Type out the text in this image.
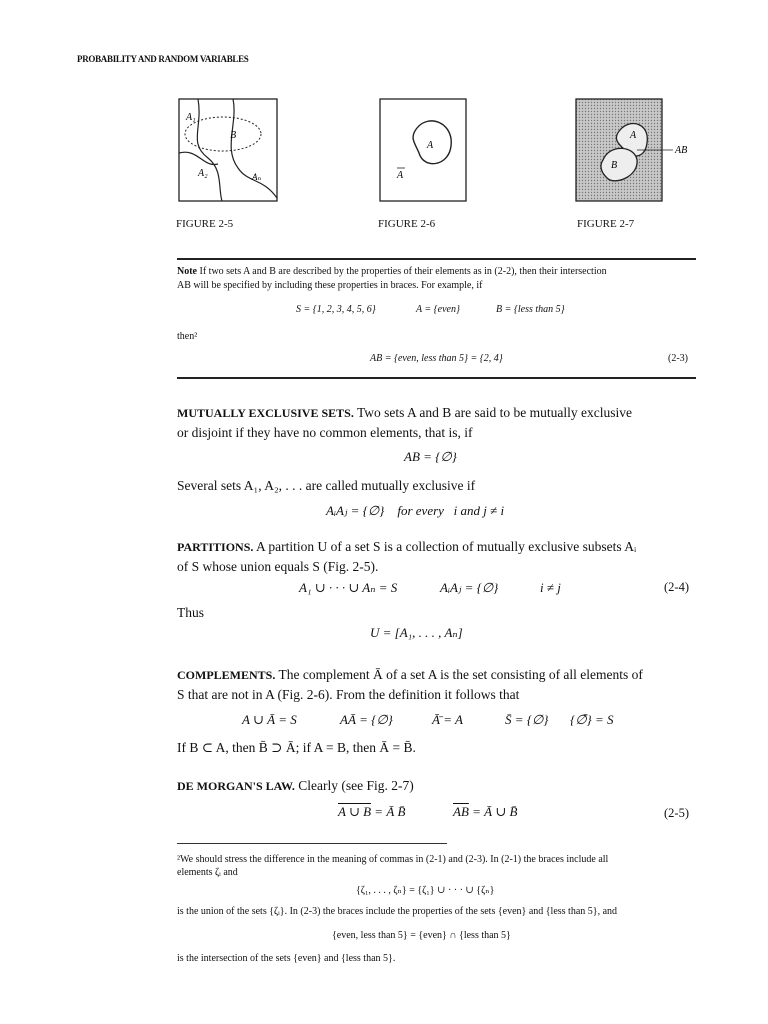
PROBABILITY AND RANDOM VARIABLES
A₁
B
A₂	Aₙ
FIGURE 2-5
A
A
FIGURE 2-6
A
B
AB
FIGURE 2-7
Note If two sets A and B are described by the properties of their elements as in (2-2), then their intersection
AB will be specified by including these properties in braces. For example, if
S = {1, 2, 3, 4, 5, 6}	A = {even}	B = {less than 5}
then²
AB = {even, less than 5} = {2, 4}	(2-3)
MUTUALLY EXCLUSIVE SETS. Two sets A and B are said to be mutually exclusive
or disjoint if they have no common elements, that is, if
AB = {∅}
Several sets A₁, A₂, . . . are called mutually exclusive if
AᵢAⱼ = {∅}    for every   i and j ≠ i
PARTITIONS. A partition U of a set S is a collection of mutually exclusive subsets Aᵢ
of S whose union equals S (Fig. 2-5).
A₁ ∪ · · · ∪ Aₙ = S	AᵢAⱼ = {∅}	i ≠ j	(2-4)
Thus
U = [A₁, . . . , Aₙ]
COMPLEMENTS. The complement Ā of a set A is the set consisting of all elements of
S that are not in A (Fig. 2-6). From the definition it follows that
A ∪ Ā = S	AĀ = {∅}	Ā̄ = A	S̄ = {∅} {∅̄} = S
If B ⊂ A, then B̄ ⊃ Ā; if A = B, then Ā = B̄.
DE MORGAN'S LAW. Clearly (see Fig. 2-7)
A ∪ B = Ā B̄	$\overline{AB}$ = Ā ∪ B̄	(2-5)
²We should stress the difference in the meaning of commas in (2-1) and (2-3). In (2-1) the braces include all
elements ζᵢ and
{ζ₁, . . . , ζₙ} = {ζ₁} ∪ · · · ∪ {ζₙ}
is the union of the sets {ζᵢ}. In (2-3) the braces include the properties of the sets {even} and {less than 5}, and
{even, less than 5} = {even} ∩ {less than 5}
is the intersection of the sets {even} and {less than 5}.
